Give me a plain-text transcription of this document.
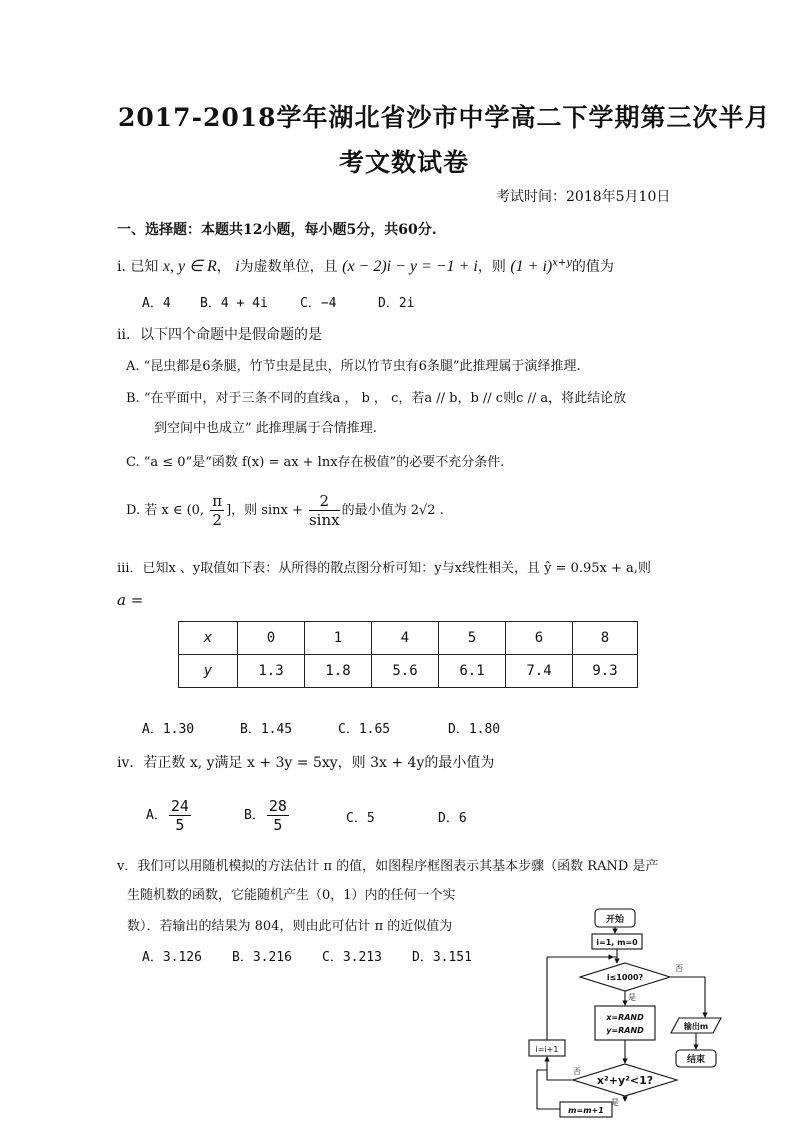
2017-2018学年湖北省沙市中学高二下学期第三次半月
考文数试卷
考试时间：2018年5月10日
一、选择题：本题共12小题，每小题5分，共60分.
ⅰ. 已知 x, y ∈ R， i为虚数单位，且 (x − 2)i − y = −1 + i，则 $(1 + i)^{x+y}$的值为
A．4 B．4 + 4i C．−4	D．2i
ⅱ．以下四个命题中是假命题的是
A. “昆虫都是6条腿，竹节虫是昆虫，所以竹节虫有6条腿”此推理属于演绎推理.
B. “在平面中，对于三条不同的直线a ， b ， c，若a // b，b // c则c // a，将此结论放
到空间中也成立” 此推理属于合情推理.
C. “a ≤ 0”是“函数 f(x) = ax + lnx存在极值”的必要不充分条件.
D. 若 x ∈ (0, $\frac{\pi}{2}$ ]，则 $\sin x + \frac{2}{\sin x}$ 的最小值为 2√2 .
ⅲ．已知x 、y取值如下表：从所得的散点图分析可知：y与x线性相关，且 ŷ = 0.95x + a,则
a =
x	0	1	4	5	6	8
y	1.3	1.8	5.6	6.1	7.4	9.3
A．1.30	B．1.45	C．1.65	D．1.80
ⅳ．若正数 x, y满足 x + 3y = 5xy，则 3x + 4y的最小值为
A． $\frac{24}{5}$	B． $\frac{28}{5}$	C．5	D．6
ⅴ．我们可以用随机模拟的方法估计 π 的值，如图程序框图表示其基本步骤（函数 RAND 是产
生随机数的函数，它能随机产生（0，1）内的任何一个实
数）．若输出的结果为 804，则由此可估计 π 的近似值为
A．3.126 B．3.216 C．3.213 D．3.151
开始
i=1, m=0
i≤1000?
否
是
输出m
结束
x=RAND
y=RAND
x²+y²<1?
否
是
i=i+1
m=m+1
